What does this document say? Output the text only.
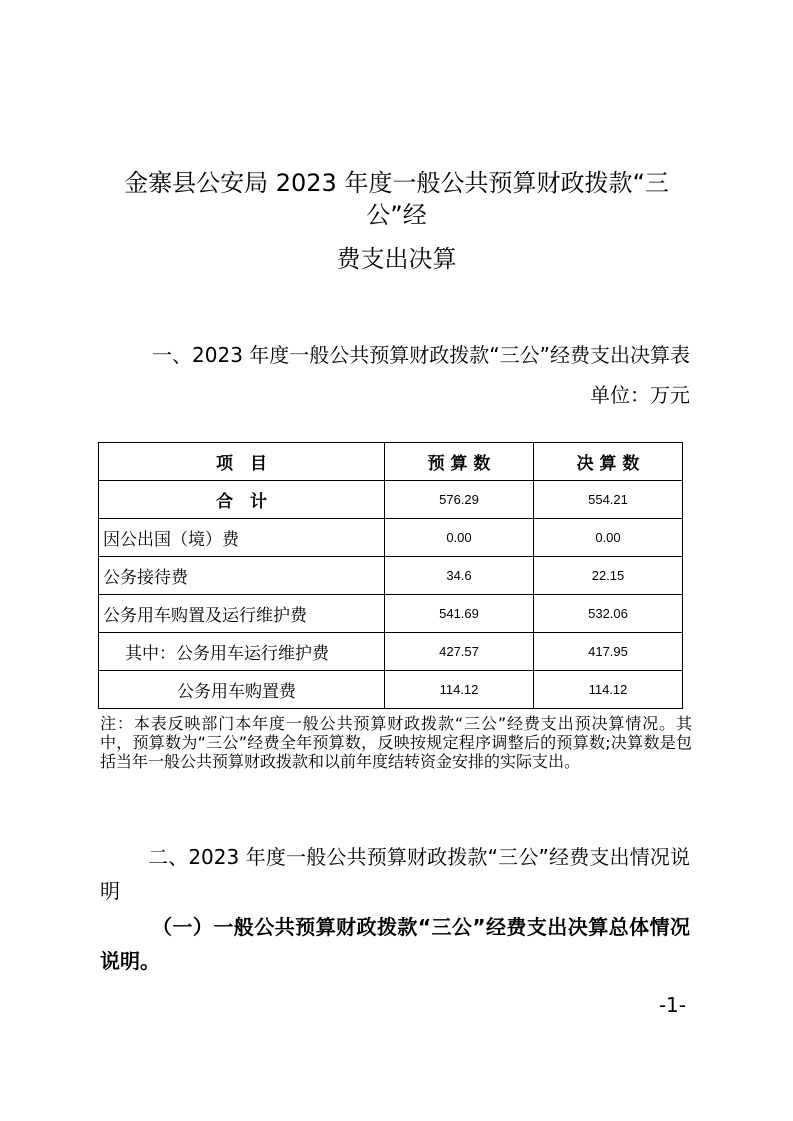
金寨县公安局 2023 年度一般公共预算财政拨款“三公”经
费支出决算

一、2023 年度一般公共预算财政拨款“三公”经费支出决算表

单位：万元
项　目	预 算 数	决 算 数
合　计	576.29	554.21
因公出国（境）费	0.00	0.00
公务接待费	34.6	22.15
公务用车购置及运行维护费	541.69	532.06
其中：公务用车运行维护费	427.57	417.95
公务用车购置费	114.12	114.12

注：本表反映部门本年度一般公共预算财政拨款“三公”经费支出预决算情况。其中，预算数为“三公”经费全年预算数，反映按规定程序调整后的预算数;决算数是包括当年一般公共预算财政拨款和以前年度结转资金安排的实际支出。

二、2023 年度一般公共预算财政拨款“三公”经费支出情况说明

（一）一般公共预算财政拨款“三公”经费支出决算总体情况说明。

-1-
